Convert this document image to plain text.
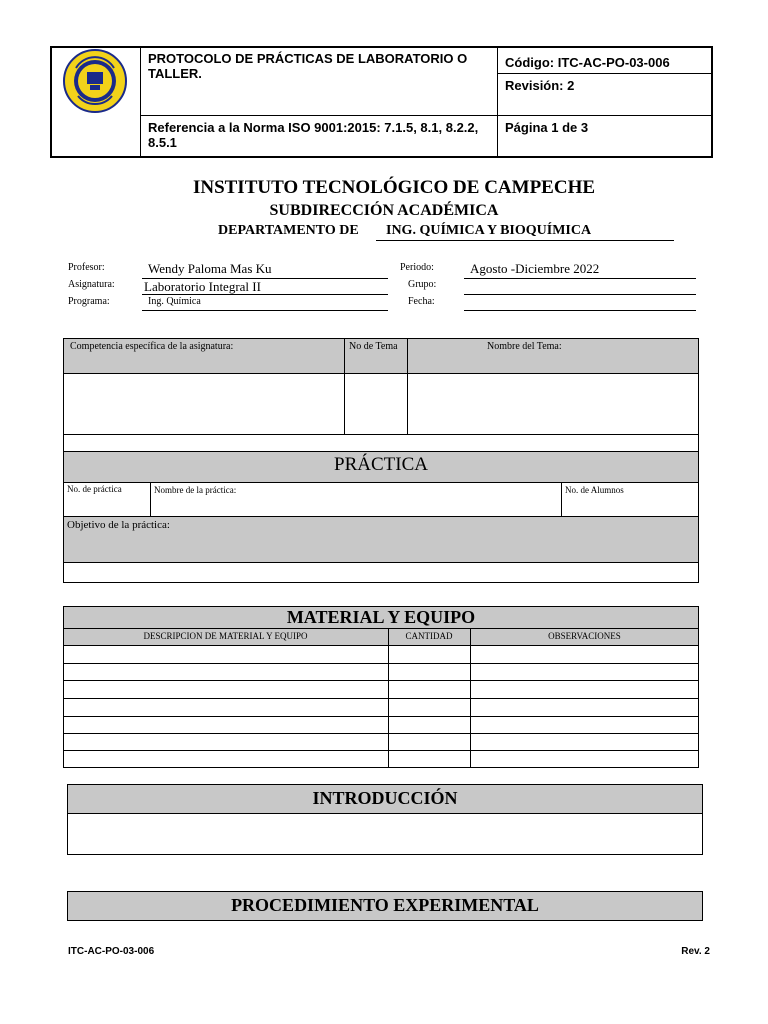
PROTOCOLO DE PRÁCTICAS DE LABORATORIO O TALLER.
Código: ITC-AC-PO-03-006
Revisión: 2
Referencia a la Norma ISO 9001:2015: 7.1.5, 8.1, 8.2.2, 8.5.1
Página 1 de 3
INSTITUTO TECNOLÓGICO DE CAMPECHE
SUBDIRECCIÓN ACADÉMICA
DEPARTAMENTO DE	ING. QUÍMICA Y BIOQUÍMICA
Profesor:	Wendy Paloma Mas Ku
Asignatura: Laboratorio Integral II
Programa:	Ing. Química
Periodo:	Agosto -Diciembre 2022
Grupo:
Fecha:
Competencia específica de la asignatura:	No de Tema	Nombre del Tema:
PRÁCTICA
No. de práctica	Nombre de la práctica:	No. de Alumnos
Objetivo de la práctica:
MATERIAL Y EQUIPO
DESCRIPCION DE MATERIAL Y EQUIPO	CANTIDAD	OBSERVACIONES
INTRODUCCIÓN
PROCEDIMIENTO EXPERIMENTAL
ITC-AC-PO-03-006	Rev. 2
